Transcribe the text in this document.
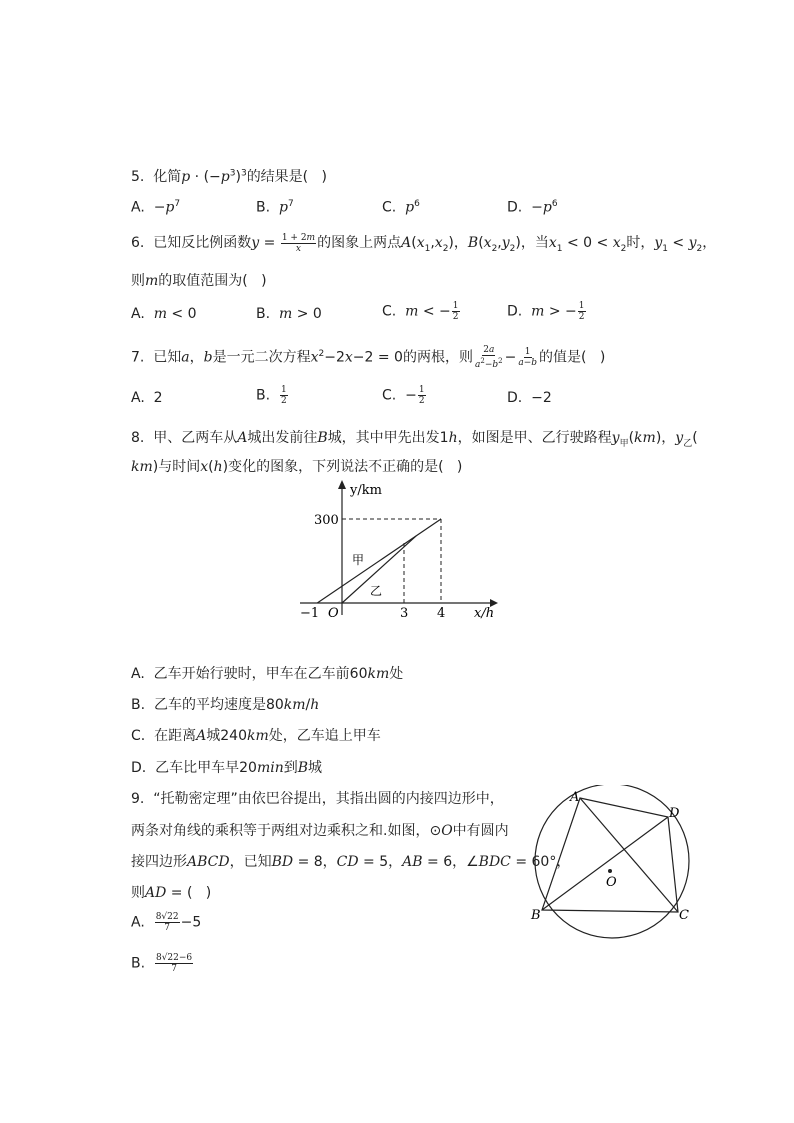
5.  化简$p \cdot (-p^3)^3$的结果是(   )
A.  $-p^7$	B.  $p^7$	C.  $p^6$	D.  $-p^6$
6.  已知反比例函数$y = \frac{1 + 2m}{x}$ 的图象上两点$A(x_1,x_2)$，$B(x_2,y_2)$，当$x_1 < 0 < x_2$时，$y_1 < y_2$，
则m的取值范围为(   )
A.  m < 0	B.  m > 0	C.  m < − $\frac{1}{2}$	D.  m > − $\frac{1}{2}$
7.  已知a，b是一元二次方程$x^2-2x-2 = 0$的两根，则 $\frac{2a}{a^2-b^2} - \frac{1}{a-b}$ 的值是(   )
A.  2	B. $\frac{1}{2}$	C.  − $\frac{1}{2}$	D.  −2
8.  甲、乙两车从A城出发前往B城，其中甲先出发1h，如图是甲、乙行驶路程$y_甲(km)$，$y_乙$(
km)与时间x(h)变化的图象，下列说法不正确的是(   )
y/km
x/h
300
−1 O	3 4
甲
乙
A.  乙车开始行驶时，甲车在乙车前60km处
B.  乙车的平均速度是80km/h
C.  在距离A城240km处，乙车追上甲车
D.  乙车比甲车早20min到B城
9.  “托勒密定理”由依巴谷提出，其指出圆的内接四边形中，
两条对角线的乘积等于两组对边乘积之和.如图，⊙O中有圆内
接四边形ABCD，已知BD = 8，CD = 5，AB = 6，∠BDC = 60°，
则AD = (   )
A. $\frac{8√22}{7} -5$
B. $\frac{8√22-6}{7}$
A
D
B	C
O
